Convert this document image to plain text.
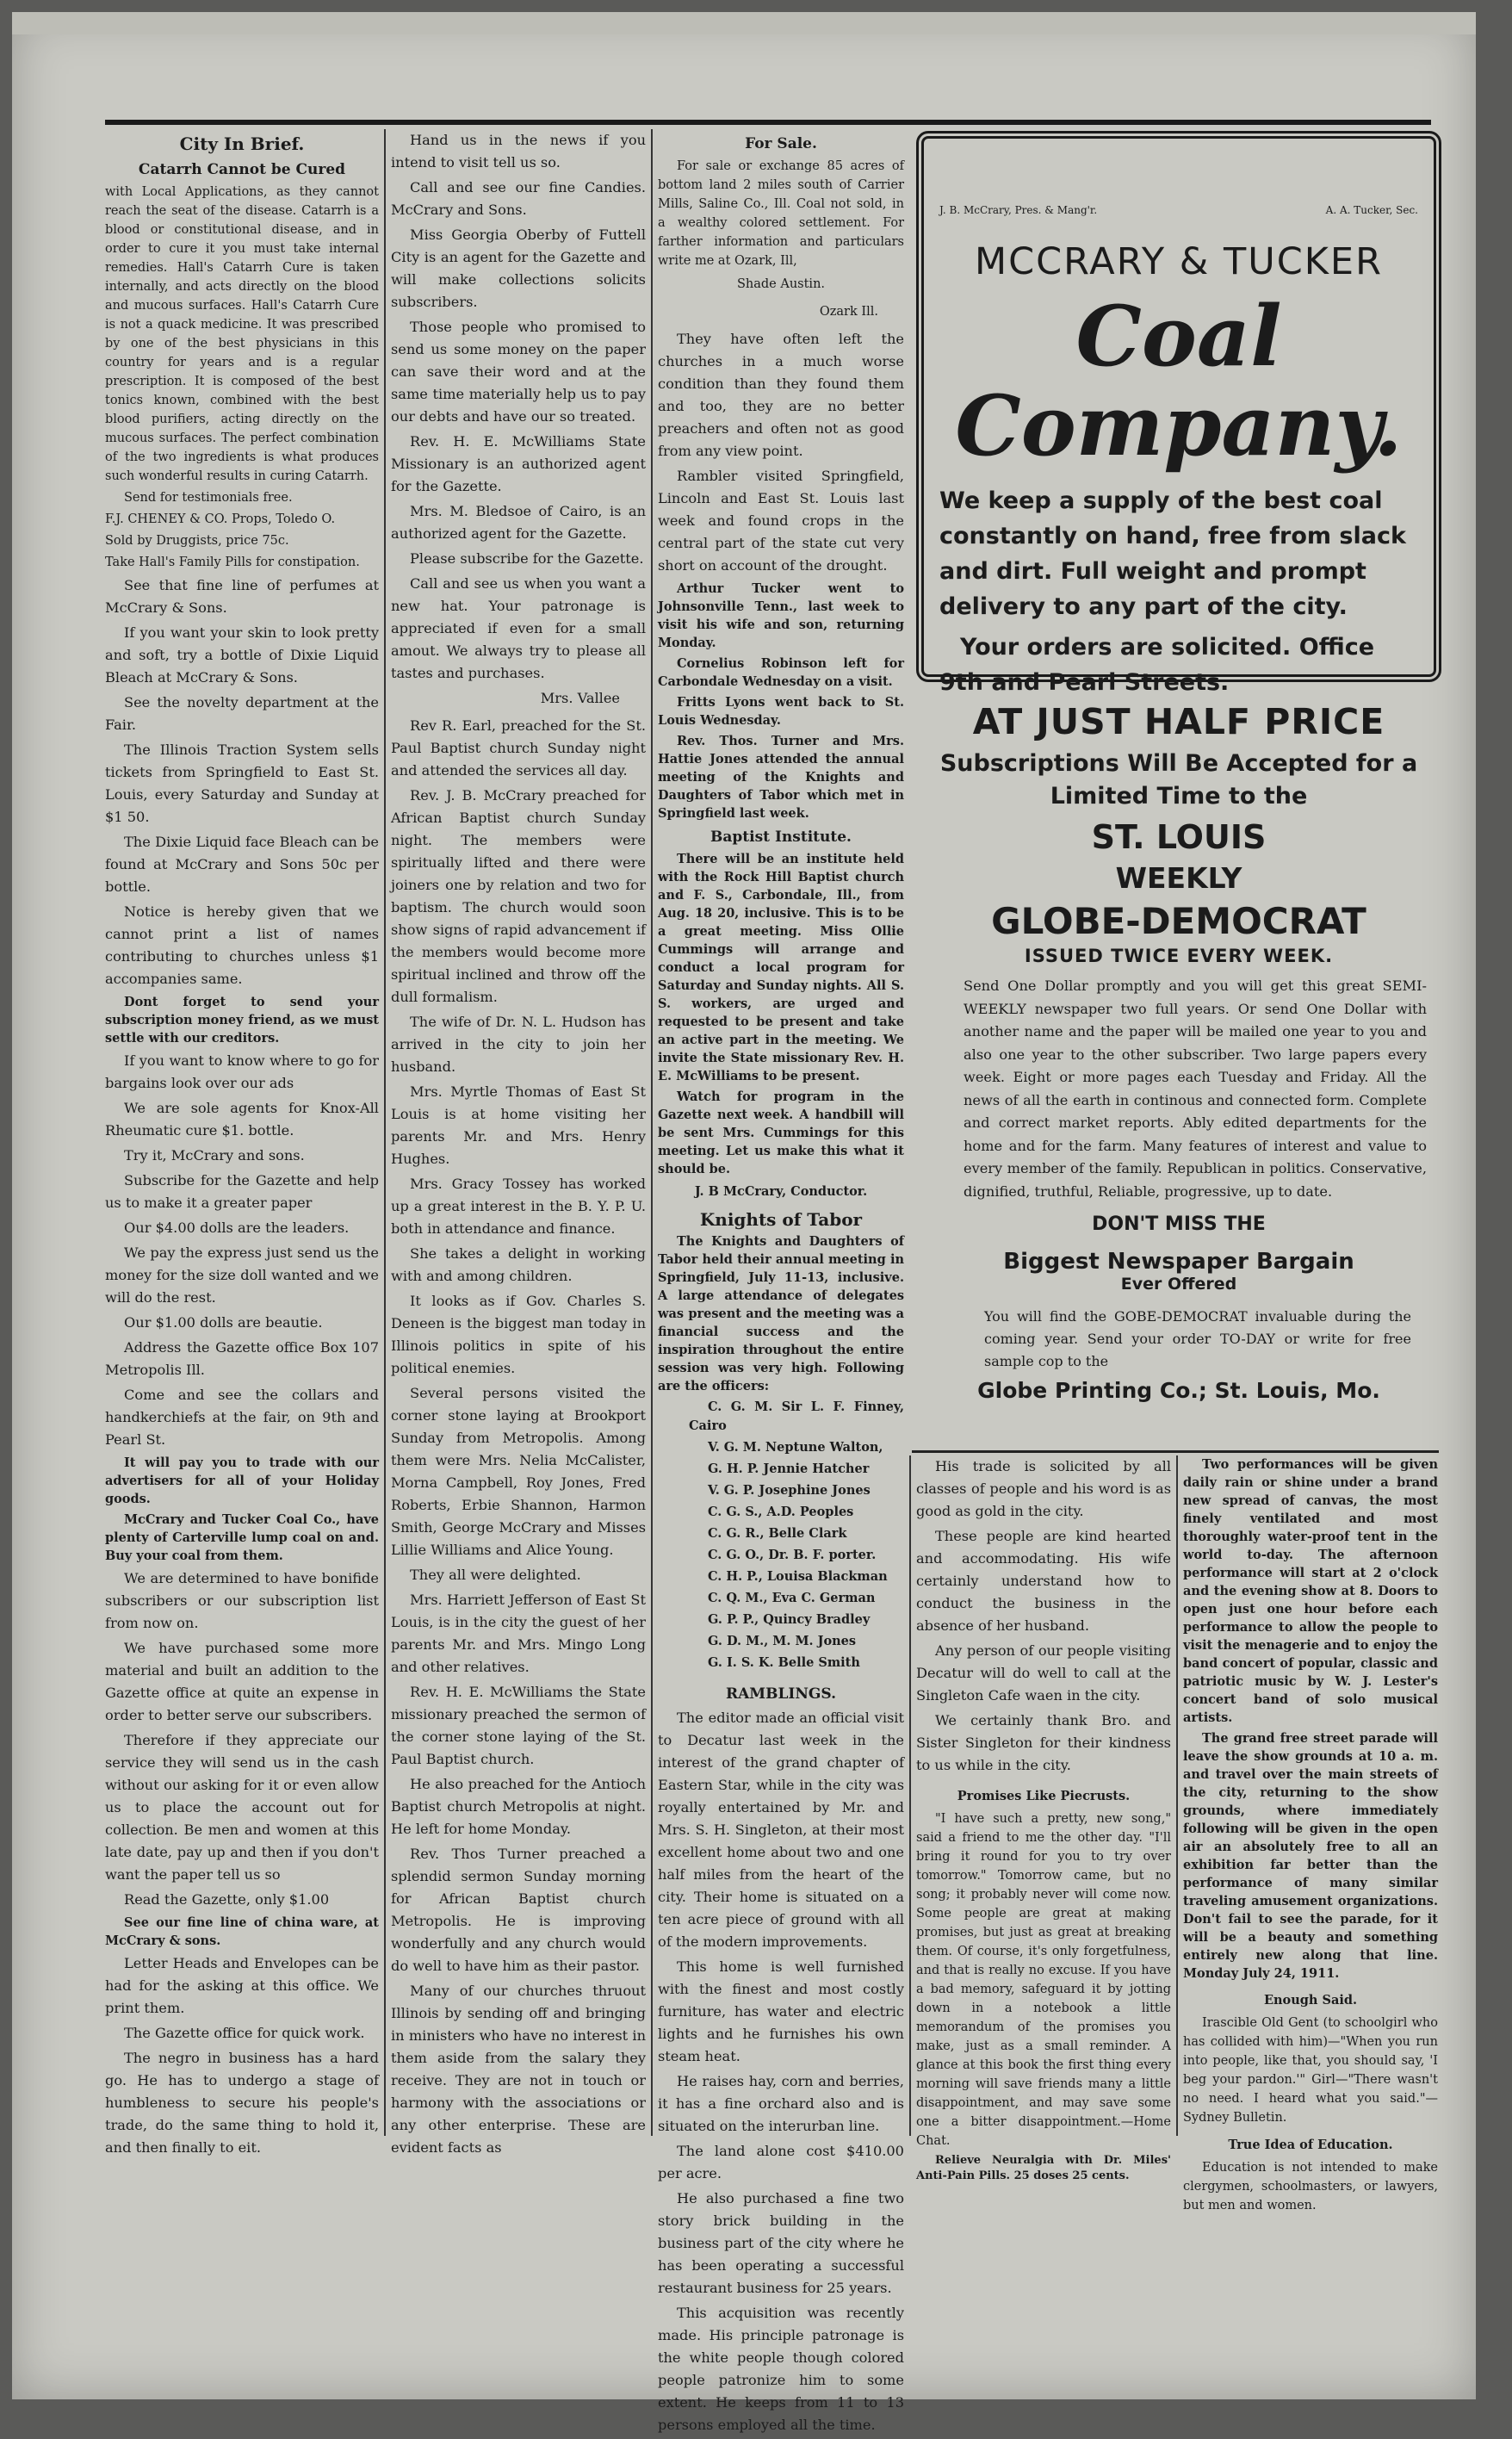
City In Brief.
Catarrh Cannot be Cured

with Local Applications, as they cannot reach the seat of the disease. Catarrh is a blood or constitutional disease, and in order to cure it you must take internal remedies. Hall's Catarrh Cure is taken internally, and acts directly on the blood and mucous surfaces. Hall's Catarrh Cure is not a quack medicine. It was prescribed by one of the best physicians in this country for years and is a regular prescription. It is composed of the best tonics known, combined with the best blood purifiers, acting directly on the mucous surfaces. The perfect combination of the two ingredients is what produces such wonderful results in curing Catarrh.

Send for testimonials free.

F.J. CHENEY & CO. Props, Toledo O.

Sold by Druggists, price 75c.

Take Hall's Family Pills for constipation.

See that fine line of perfumes at McCrary & Sons.

If you want your skin to look pretty and soft, try a bottle of Dixie Liquid Bleach at McCrary & Sons.

See the novelty department at the Fair.

The Illinois Traction System sells tickets from Springfield to East St. Louis, every Saturday and Sunday at $1 50.

The Dixie Liquid face Bleach can be found at McCrary and Sons 50c per bottle.

Notice is hereby given that we cannot print a list of names contributing to churches unless $1 accompanies same.

Dont forget to send your subscription money friend, as we must settle with our creditors.

If you want to know where to go for bargains look over our ads

We are sole agents for Knox-All Rheumatic cure $1. bottle.

Try it, McCrary and sons.

Subscribe for the Gazette and help us to make it a greater paper

Our $4.00 dolls are the leaders.

We pay the express just send us the money for the size doll wanted and we will do the rest.

Our $1.00 dolls are beautie.

Address the Gazette office Box 107 Metropolis Ill.

Come and see the collars and handkerchiefs at the fair, on 9th and Pearl St.

It will pay you to trade with our advertisers for all of your Holiday goods.

McCrary and Tucker Coal Co., have plenty of Carterville lump coal on and. Buy your coal from them.

We are determined to have bonifide subscribers or our subscription list from now on.

We have purchased some more material and built an addition to the Gazette office at quite an expense in order to better serve our subscribers.

Therefore if they appreciate our service they will send us in the cash without our asking for it or even allow us to place the account out for collection. Be men and women at this late date, pay up and then if you don't want the paper tell us so

Read the Gazette, only $1.00

See our fine line of china ware, at McCrary & sons.

Letter Heads and Envelopes can be had for the asking at this office. We print them.

The Gazette office for quick work.

The negro in business has a hard go. He has to undergo a stage of humbleness to secure his people's trade, do the same thing to hold it, and then finally to eit.

Hand us in the news if you intend to visit tell us so.

Call and see our fine Candies. McCrary and Sons.

Miss Georgia Oberby of Futtell City is an agent for the Gazette and will make collections solicits subscribers.

Those people who promised to send us some money on the paper can save their word and at the same time materially help us to pay our debts and have our so treated.

Rev. H. E. McWilliams State Missionary is an authorized agent for the Gazette.

Mrs. M. Bledsoe of Cairo, is an authorized agent for the Gazette.

Please subscribe for the Gazette.

Call and see us when you want a new hat. Your patronage is appreciated if even for a small amout. We always try to please all tastes and purchases.

Mrs. Vallee

Rev R. Earl, preached for the St. Paul Baptist church Sunday night and attended the services all day.

Rev. J. B. McCrary preached for African Baptist church Sunday night. The members were spiritually lifted and there were joiners one by relation and two for baptism. The church would soon show signs of rapid advancement if the members would become more spiritual inclined and throw off the dull formalism.

The wife of Dr. N. L. Hudson has arrived in the city to join her husband.

Mrs. Myrtle Thomas of East St Louis is at home visiting her parents Mr. and Mrs. Henry Hughes.

Mrs. Gracy Tossey has worked up a great interest in the B. Y. P. U. both in attendance and finance.

She takes a delight in working with and among children.

It looks as if Gov. Charles S. Deneen is the biggest man today in Illinois politics in spite of his political enemies.

Several persons visited the corner stone laying at Brookport Sunday from Metropolis. Among them were Mrs. Nelia McCalister, Morna Campbell, Roy Jones, Fred Roberts, Erbie Shannon, Harmon Smith, George McCrary and Misses Lillie Williams and Alice Young.

They all were delighted.

Mrs. Harriett Jefferson of East St Louis, is in the city the guest of her parents Mr. and Mrs. Mingo Long and other relatives.

Rev. H. E. McWilliams the State missionary preached the sermon of the corner stone laying of the St. Paul Baptist church.

He also preached for the Antioch Baptist church Metropolis at night. He left for home Monday.

Rev. Thos Turner preached a splendid sermon Sunday morning for African Baptist church Metropolis. He is improving wonderfully and any church would do well to have him as their pastor.

Many of our churches thruout Illinois by sending off and bringing in ministers who have no interest in them aside from the salary they receive. They are not in touch or harmony with the associations or any other enterprise. These are evident facts as

For Sale.

For sale or exchange 85 acres of bottom land 2 miles south of Carrier Mills, Saline Co., Ill. Coal not sold, in a wealthy colored settlement. For farther information and particulars write me at Ozark, Ill,

Shade Austin.
Ozark Ill.

They have often left the churches in a much worse condition than they found them and too, they are no better preachers and often not as good from any view point.

Rambler visited Springfield, Lincoln and East St. Louis last week and found crops in the central part of the state cut very short on account of the drought.

Arthur Tucker went to Johnsonville Tenn., last week to visit his wife and son, returning Monday.

Cornelius Robinson left for Carbondale Wednesday on a visit.

Fritts Lyons went back to St. Louis Wednesday.

Rev. Thos. Turner and Mrs. Hattie Jones attended the annual meeting of the Knights and Daughters of Tabor which met in Springfield last week.

Baptist Institute.

There will be an institute held with the Rock Hill Baptist church and F. S., Carbondale, Ill., from Aug. 18 20, inclusive. This is to be a great meeting. Miss Ollie Cummings will arrange and conduct a local program for Saturday and Sunday nights. All S. S. workers, are urged and requested to be present and take an active part in the meeting. We invite the State missionary Rev. H. E. McWilliams to be present.

Watch for program in the Gazette next week. A handbill will be sent Mrs. Cummings for this meeting. Let us make this what it should be.

J. B McCrary, Conductor.
Knights of Tabor

The Knights and Daughters of Tabor held their annual meeting in Springfield, July 11-13, inclusive. A large attendance of delegates was present and the meeting was a financial success and the inspiration throughout the entire session was very high. Following are the officers:

C. G. M. Sir L. F. Finney, Cairo

V. G. M. Neptune Walton,

G. H. P. Jennie Hatcher

V. G. P. Josephine Jones

C. G. S., A.D. Peoples

C. G. R., Belle Clark

C. G. O., Dr. B. F. porter.

C. H. P., Louisa Blackman

C. Q. M., Eva C. German

G. P. P., Quincy Bradley

G. D. M., M. M. Jones

G. I. S. K. Belle Smith

RAMBLINGS.

The editor made an official visit to Decatur last week in the interest of the grand chapter of Eastern Star, while in the city was royally entertained by Mr. and Mrs. S. H. Singleton, at their most excellent home about two and one half miles from the heart of the city. Their home is situated on a ten acre piece of ground with all of the modern improvements.

This home is well furnished with the finest and most costly furniture, has water and electric lights and he furnishes his own steam heat.

He raises hay, corn and berries, it has a fine orchard also and is situated on the interurban line.

The land alone cost $410.00 per acre.

He also purchased a fine two story brick building in the business part of the city where he has been operating a successful restaurant business for 25 years.

This acquisition was recently made. His principle patronage is the white people though colored people patronize him to some extent. He keeps from 11 to 13 persons employed all the time.

J. B. McCrary, Pres. & Mang'r.	A. A. Tucker, Sec.
MCCRARY & TUCKER
Coal Company.
We keep a supply of the best coal constantly on hand, free from slack and dirt. Full weight and prompt delivery to any part of the city.
Your orders are solicited. Office 9th and Pearl Streets.
AT JUST HALF PRICE
Subscriptions Will Be Accepted for a Limited Time to the
ST. LOUIS
WEEKLY
GLOBE-DEMOCRAT
ISSUED TWICE EVERY WEEK.
Send One Dollar promptly and you will get this great SEMI-WEEKLY newspaper two full years. Or send One Dollar with another name and the paper will be mailed one year to you and also one year to the other subscriber. Two large papers every week. Eight or more pages each Tuesday and Friday. All the news of all the earth in continous and connected form. Complete and correct market reports. Ably edited departments for the home and for the farm. Many features of interest and value to every member of the family. Republican in politics. Conservative, dignified, truthful, Reliable, progressive, up to date.
DON'T MISS THE
Biggest Newspaper Bargain
Ever Offered
You will find the GOBE-DEMOCRAT invaluable during the coming year. Send your order TO-DAY or write for free sample cop to the
Globe Printing Co.; St. Louis, Mo.

His trade is solicited by all classes of people and his word is as good as gold in the city.

These people are kind hearted and accommodating. His wife certainly understand how to conduct the business in the absence of her husband.

Any person of our people visiting Decatur will do well to call at the Singleton Cafe waen in the city.

We certainly thank Bro. and Sister Singleton for their kindness to us while in the city.

Promises Like Piecrusts.

"I have such a pretty, new song," said a friend to me the other day. "I'll bring it round for you to try over tomorrow." Tomorrow came, but no song; it probably never will come now. Some people are great at making promises, but just as great at breaking them. Of course, it's only forgetfulness, and that is really no excuse. If you have a bad memory, safeguard it by jotting down in a notebook a little memorandum of the promises you make, just as a small reminder. A glance at this book the first thing every morning will save friends many a little disappointment, and may save some one a bitter disappointment.—Home Chat.

Relieve Neuralgia with Dr. Miles' Anti-Pain Pills. 25 doses 25 cents.

Two performances will be given daily rain or shine under a brand new spread of canvas, the most finely ventilated and most thoroughly water-proof tent in the world to-day. The afternoon performance will start at 2 o'clock and the evening show at 8. Doors to open just one hour before each performance to allow the people to visit the menagerie and to enjoy the band concert of popular, classic and patriotic music by W. J. Lester's concert band of solo musical artists.

The grand free street parade will leave the show grounds at 10 a. m. and travel over the main streets of the city, returning to the show grounds, where immediately following will be given in the open air an absolutely free to all an exhibition far better than the performance of many similar traveling amusement organizations. Don't fail to see the parade, for it will be a beauty and something entirely new along that line. Monday July 24, 1911.

Enough Said.

Irascible Old Gent (to schoolgirl who has collided with him)—"When you run into people, like that, you should say, 'I beg your pardon.'" Girl—"There wasn't no need. I heard what you said."—Sydney Bulletin.

True Idea of Education.

Education is not intended to make clergymen, schoolmasters, or lawyers, but men and women.
